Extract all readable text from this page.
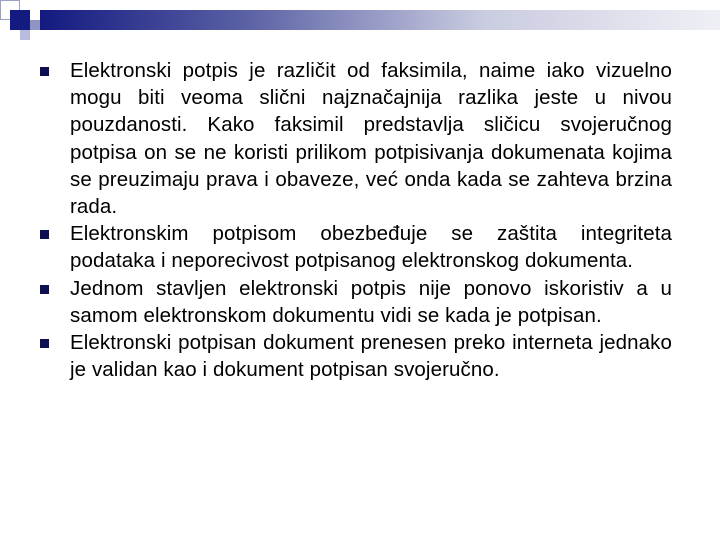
Elektronski potpis je različit od faksimila, naime iako vizuelno mogu biti veoma slični najznačajnija razlika jeste u nivou pouzdanosti. Kako faksimil predstavlja sličicu svojeručnog potpisa on se ne koristi prilikom potpisivanja dokumenata kojima se preuzimaju prava i obaveze, već onda kada se zahteva brzina rada.
Elektronskim potpisom obezbeđuje se zaštita integriteta podataka i neporecivost potpisanog elektronskog dokumenta.
Jednom stavljen elektronski potpis nije ponovo iskoristiv a u samom elektronskom dokumentu vidi se kada je potpisan.
Elektronski potpisan dokument prenesen preko interneta jednako je validan kao i dokument potpisan svojeručno.
